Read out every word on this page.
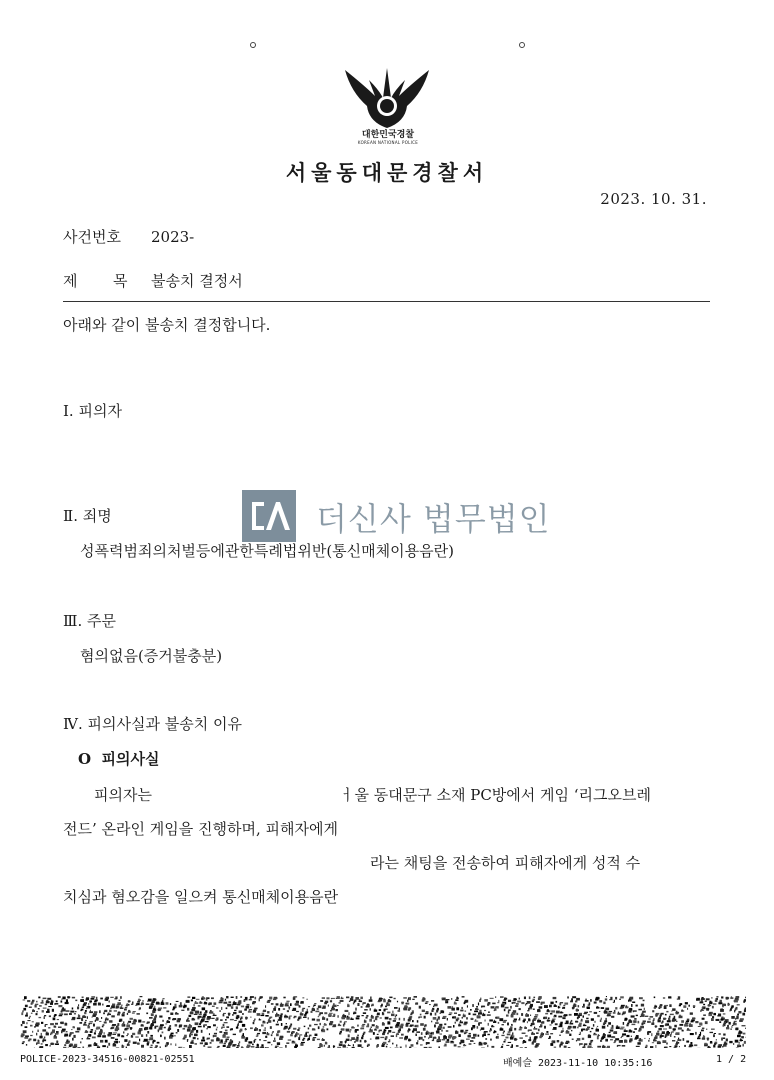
대한민국경찰
KOREAN NATIONAL POLICE
서울동대문경찰서
2023. 10. 31.
사건번호 2023-
제 목 불송치 결정서
아래와 같이 불송치 결정합니다.
Ⅰ. 피의자
Ⅱ. 죄명
성폭력범죄의처벌등에관한특례법위반(통신매체이용음란)
Ⅲ. 주문
혐의없음(증거불충분)
Ⅳ. 피의사실과 불송치 이유
O 피의사실
피의자는	ㅓ울 동대문구 소재 PC방에서 게임 ‘리그오브레
전드’ 온라인 게임을 진행하며, 피해자에게
라는 채팅을 전송하여 피해자에게 성적 수
치심과 혐오감을 일으켜 통신매체이용음란
더신사 법무법인
POLICE-2023-34516-00821-02551	배예슬 2023-11-10 10:35:16	1 / 2
